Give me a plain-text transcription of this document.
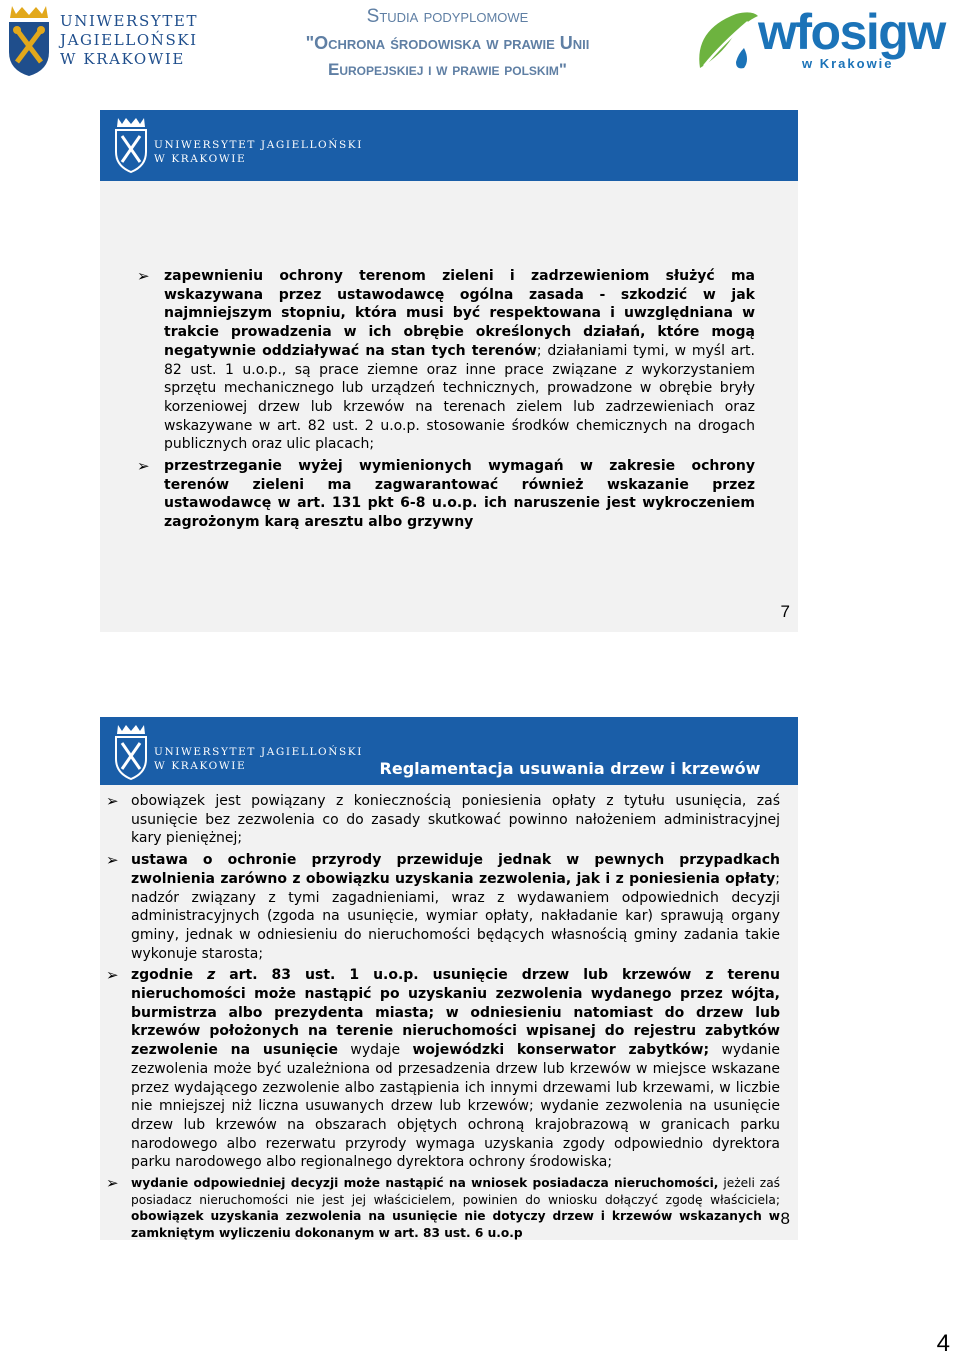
UNIWERSYTET
JAGIELLOŃSKI
W KRAKOWIE
Studia podyplomowe
"Ochrona środowiska w prawie Unii
Europejskiej i w prawie polskim"
wfosigw
w Krakowie
UNIWERSYTET JAGIELLOŃSKI
W KRAKOWIE
➢ zapewnieniu ochrony terenom zieleni i zadrzewieniom służyć ma wskazywana przez ustawodawcę ogólna zasada - szkodzić w jak najmniejszym stopniu, która musi być respektowana i uwzględniana w trakcie prowadzenia w ich obrębie określonych działań, które mogą negatywnie oddziaływać na stan tych terenów; działaniami tymi, w myśl art. 82 ust. 1 u.o.p., są prace ziemne oraz inne prace związane z wykorzystaniem sprzętu mechanicznego lub urządzeń technicznych, prowadzone w obrębie bryły korzeniowej drzew lub krzewów na terenach zielem lub zadrzewieniach oraz wskazywane w art. 82 ust. 2 u.o.p. stosowanie środków chemicznych na drogach publicznych oraz ulic placach;
➢ przestrzeganie wyżej wymienionych wymagań w zakresie ochrony terenów zieleni ma zagwarantować również wskazanie przez ustawodawcę w art. 131 pkt 6-8 u.o.p. ich naruszenie jest wykroczeniem zagrożonym karą aresztu albo grzywny
7
UNIWERSYTET JAGIELLOŃSKI
W KRAKOWIE	Reglamentacja usuwania drzew i krzewów
➢ obowiązek jest powiązany z koniecznością poniesienia opłaty z tytułu usunięcia, zaś usunięcie bez zezwolenia co do zasady skutkować powinno nałożeniem administracyjnej kary pieniężnej;
➢ ustawa o ochronie przyrody przewiduje jednak w pewnych przypadkach zwolnienia zarówno z obowiązku uzyskania zezwolenia, jak i z poniesienia opłaty; nadzór związany z tymi zagadnieniami, wraz z wydawaniem odpowiednich decyzji administracyjnych (zgoda na usunięcie, wymiar opłaty, nakładanie kar) sprawują organy gminy, jednak w odniesieniu do nieruchomości będących własnością gminy zadania takie wykonuje starosta;
➢ zgodnie z art. 83 ust. 1 u.o.p. usunięcie drzew lub krzewów z terenu nieruchomości może nastąpić po uzyskaniu zezwolenia wydanego przez wójta, burmistrza albo prezydenta miasta; w odniesieniu natomiast do drzew lub krzewów położonych na terenie nieruchomości wpisanej do rejestru zabytków zezwolenie na usunięcie wydaje wojewódzki konserwator zabytków; wydanie zezwolenia może być uzależniona od przesadzenia drzew lub krzewów w miejsce wskazane przez wydającego zezwolenie albo zastąpienia ich innymi drzewami lub krzewami, w liczbie nie mniejszej niż liczna usuwanych drzew lub krzewów; wydanie zezwolenia na usunięcie drzew lub krzewów na obszarach objętych ochroną krajobrazową w granicach parku narodowego albo rezerwatu przyrody wymaga uzyskania zgody odpowiednio dyrektora parku narodowego albo regionalnego dyrektora ochrony środowiska;
➢ wydanie odpowiedniej decyzji może nastąpić na wniosek posiadacza nieruchomości, jeżeli zaś posiadacz nieruchomości nie jest jej właścicielem, powinien do wniosku dołączyć zgodę właściciela; obowiązek uzyskania zezwolenia na usunięcie nie dotyczy drzew i krzewów wskazanych w zamkniętym wyliczeniu dokonanym w art. 83 ust. 6 u.o.p
8
4
